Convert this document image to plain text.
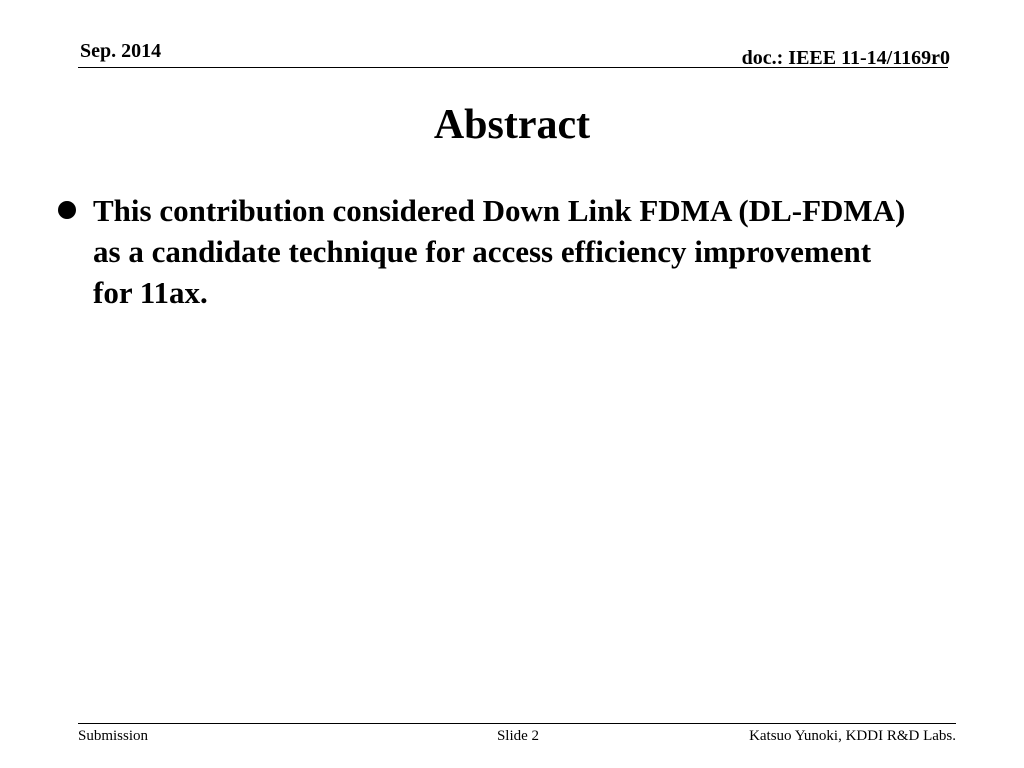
Sep. 2014	doc.: IEEE 11-14/1169r0
Abstract
This contribution considered Down Link FDMA (DL-FDMA) as a candidate technique for access efficiency improvement for 11ax.
Submission	Slide 2	Katsuo Yunoki, KDDI R&D Labs.
